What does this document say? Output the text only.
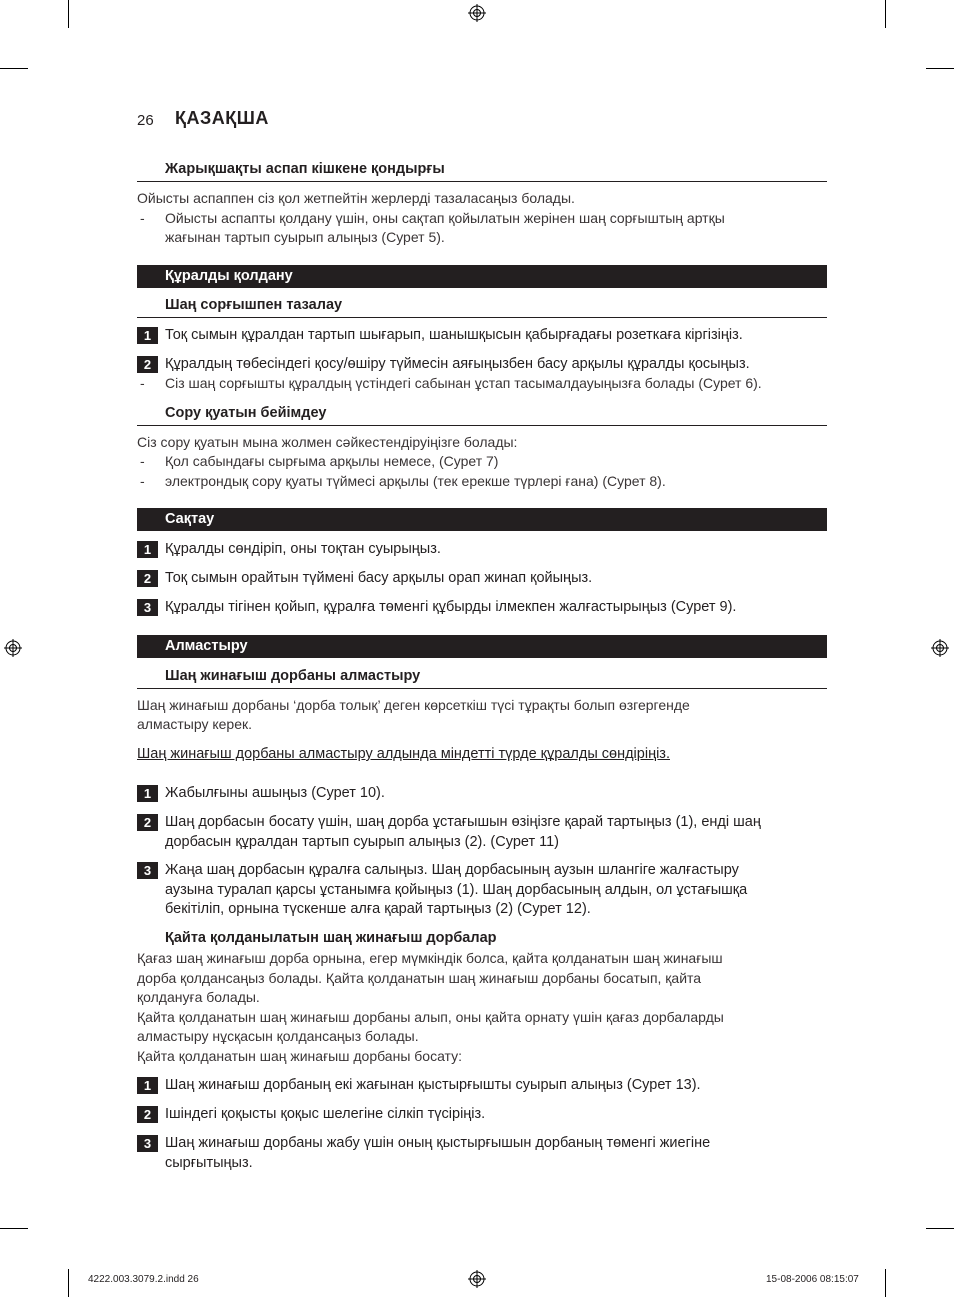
26 ҚАЗАҚША
Жарықшақты аспап кішкене қондырғы
Ойысты аспаппен сіз қол жетпейтін жерлерді тазаласаңыз болады.
- Ойысты аспапты қолдану үшін, оны сақтап қойылатын жерінен шаң сорғыштың артқы
жағынан тартып суырып алыңыз (Сурет 5).
Құралды қолдану
Шаң сорғышпен тазалау
1 Тоқ сымын құралдан тартып шығарып, шанышқысын қабырғадағы розеткаға кіргізіңіз.
2 Құралдың төбесіндегі қосу/өшіру түймесін аяғыңызбен басу арқылы құралды қосыңыз.
- Сіз шаң сорғышты құралдың үстіндегі сабынан ұстап тасымалдауыңызға болады (Сурет 6).
Сору қуатын бейімдеу
Сіз сору қуатын мына жолмен сәйкестендіруіңізге болады:
- Қол сабындағы сырғыма арқылы немесе, (Сурет 7)
- электрондық сору қуаты түймесі арқылы (тек ерекше түрлері ғана) (Сурет 8).
Сақтау
1 Құралды сөндіріп, оны тоқтан суырыңыз.
2 Тоқ сымын орайтын түймені басу арқылы орап жинап қойыңыз.
3 Құралды тігінен қойып, құралға төменгі құбырды ілмекпен жалғастырыңыз (Сурет 9).
Алмастыру
Шаң жинағыш дорбаны алмастыру
Шаң жинағыш дорбаны ‘дорба толық’ деген көрсеткіш түсі тұрақты болып өзгергенде
алмастыру керек.
Шаң жинағыш дорбаны алмастыру алдында міндетті түрде құралды сөндіріңіз.
1 Жабылғыны ашыңыз (Сурет 10).
2 Шаң дорбасын босату үшін, шаң дорба ұстағышын өзіңізге қарай тартыңыз (1), енді шаң
дорбасын құралдан тартып суырып алыңыз (2). (Сурет 11)
3 Жаңа шаң дорбасын құралға салыңыз. Шаң дорбасының аузын шлангіге жалғастыру
аузына туралап қарсы ұстанымға қойыңыз (1). Шаң дорбасының алдын, ол ұстағышқа
бекітіліп, орнына түскенше алға қарай тартыңыз (2) (Сурет 12).
Қайта қолданылатын шаң жинағыш дорбалар
Қағаз шаң жинағыш дорба орнына, егер мүмкіндік болса, қайта қолданатын шаң жинағыш
дорба қолдансаңыз болады. Қайта қолданатын шаң жинағыш дорбаны босатып, қайта
қолдануға болады.
Қайта қолданатын шаң жинағыш дорбаны алып, оны қайта орнату үшін қағаз дорбаларды
алмастыру нұсқасын қолдансаңыз болады.
Қайта қолданатын шаң жинағыш дорбаны босату:
1 Шаң жинағыш дорбаның екі жағынан қыстырғышты суырып алыңыз (Сурет 13).
2 Ішіндегі қоқысты қоқыс шелегіне сілкіп түсіріңіз.
3 Шаң жинағыш дорбаны жабу үшін оның қыстырғышын дорбаның төменгі жиегіне
сырғытыңыз.
4222.003.3079.2.indd 26	15-08-2006 08:15:07
